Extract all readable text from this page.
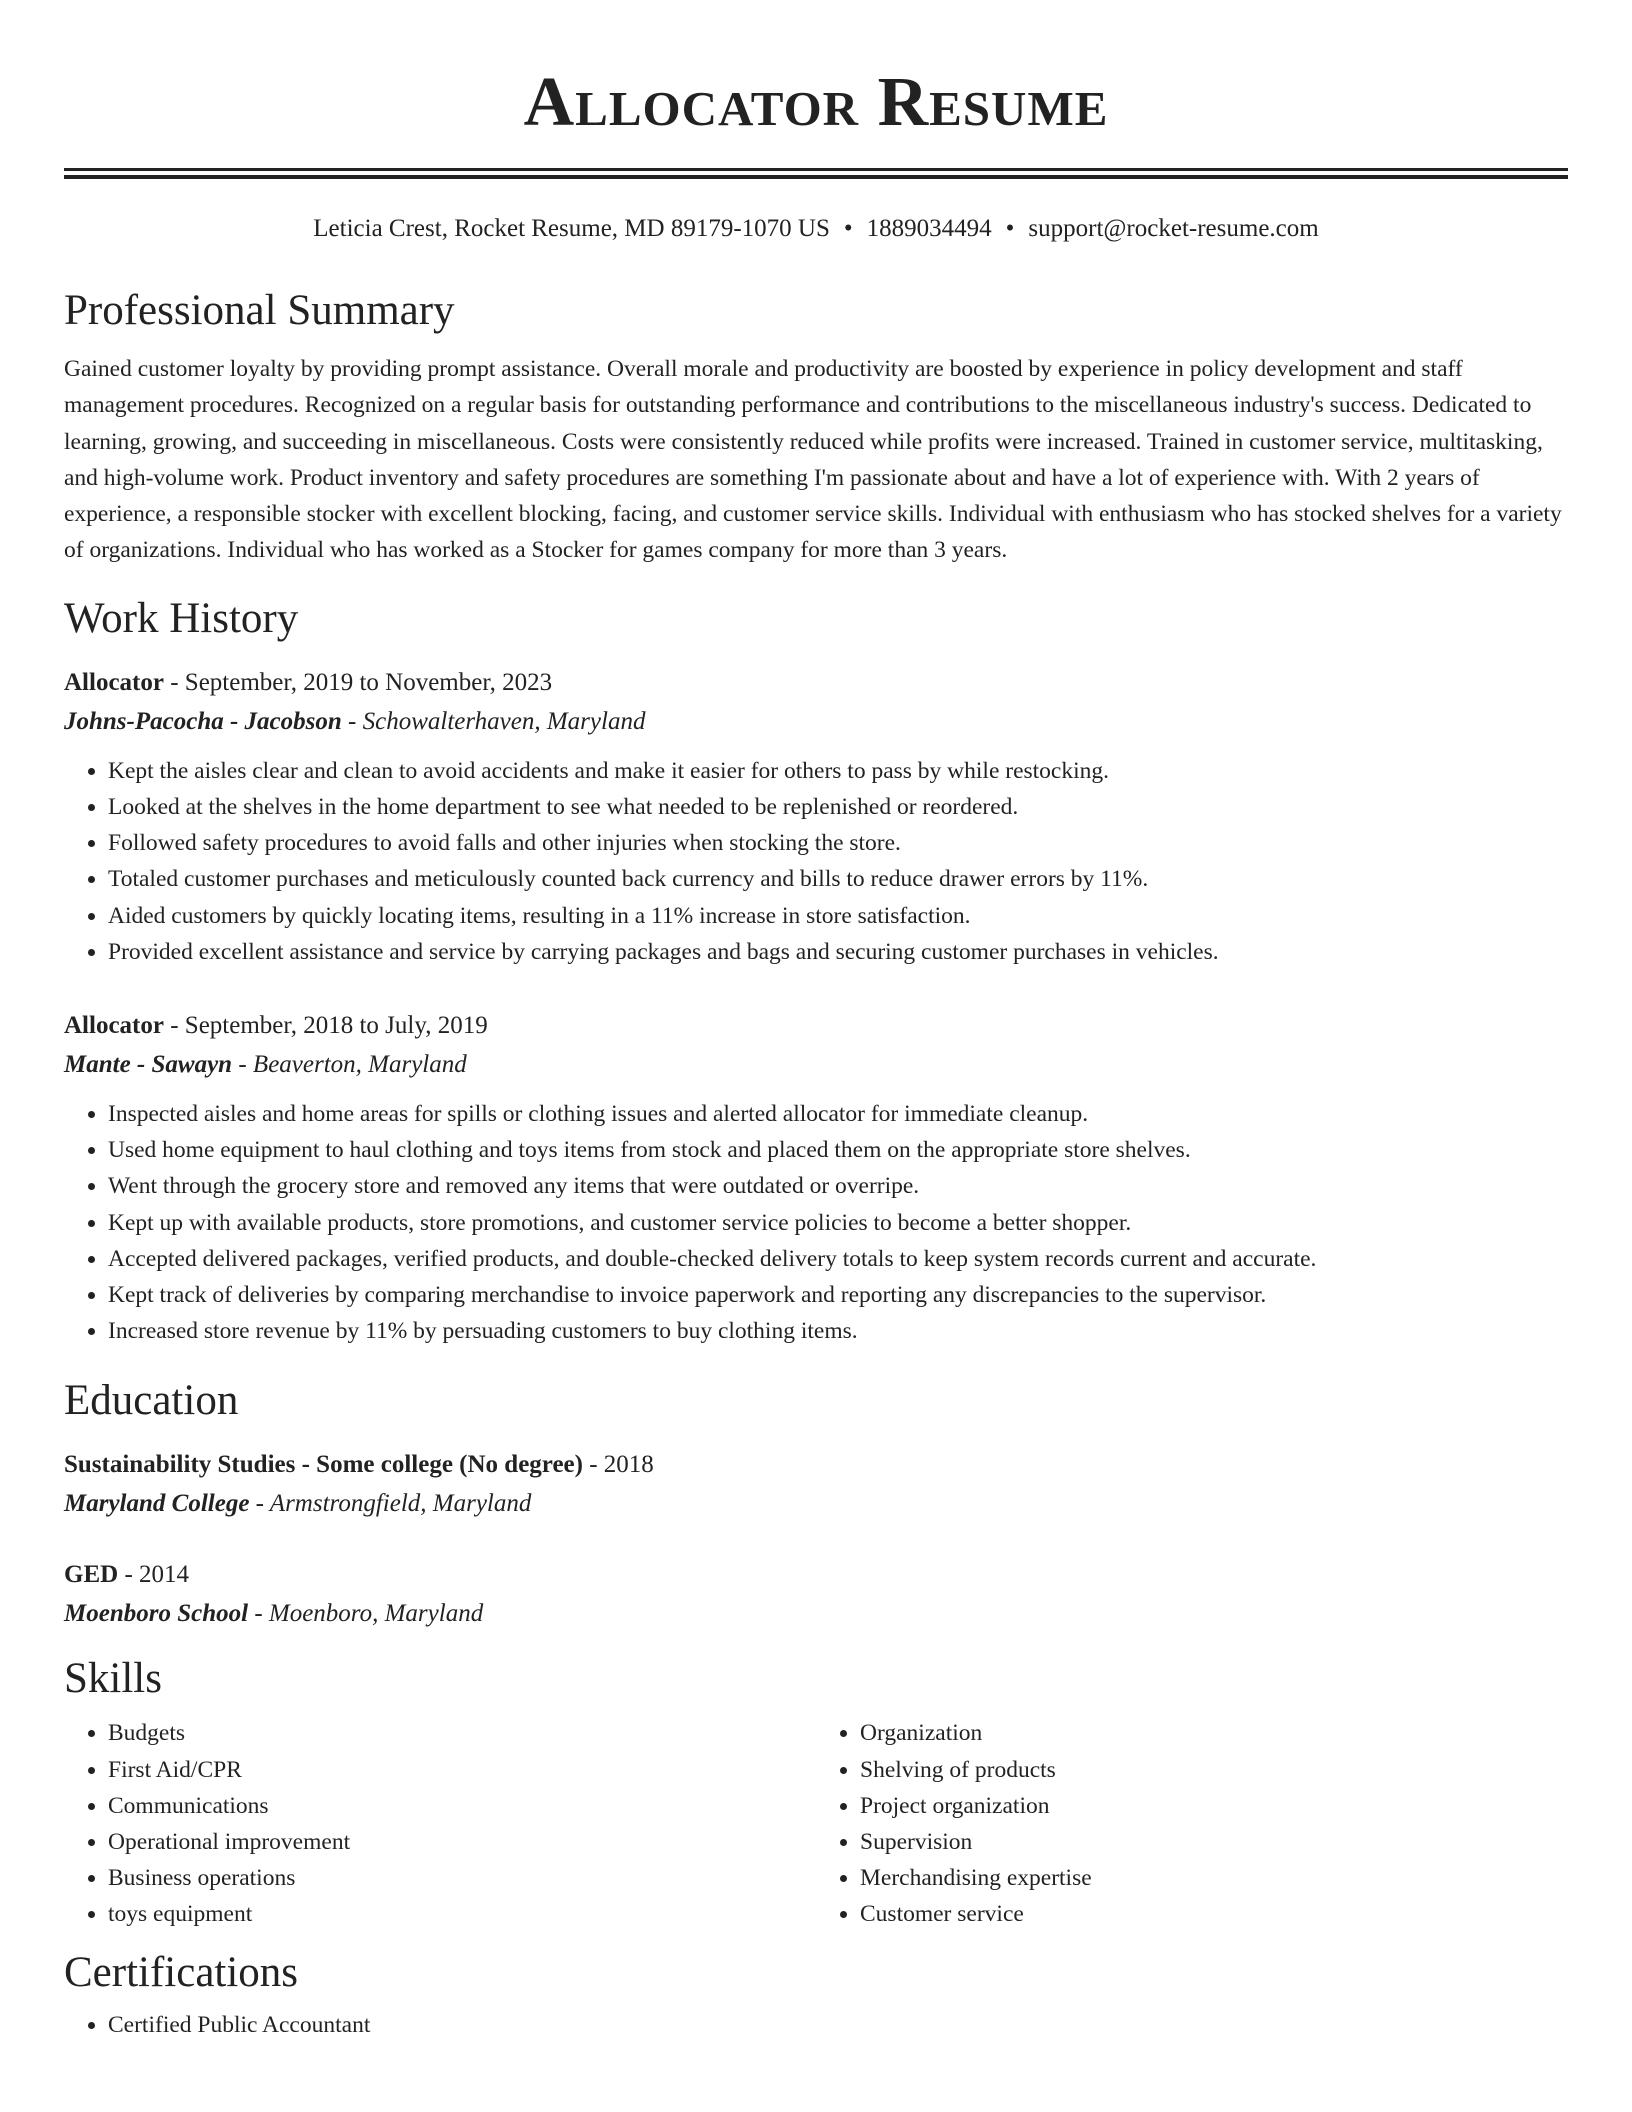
Allocator Resume
Leticia Crest, Rocket Resume, MD 89179-1070 US • 1889034494 • support@rocket-resume.com
Professional Summary
Gained customer loyalty by providing prompt assistance. Overall morale and productivity are boosted by experience in policy development and staff management procedures. Recognized on a regular basis for outstanding performance and contributions to the miscellaneous industry's success. Dedicated to learning, growing, and succeeding in miscellaneous. Costs were consistently reduced while profits were increased. Trained in customer service, multitasking, and high-volume work. Product inventory and safety procedures are something I'm passionate about and have a lot of experience with. With 2 years of experience, a responsible stocker with excellent blocking, facing, and customer service skills. Individual with enthusiasm who has stocked shelves for a variety of organizations. Individual who has worked as a Stocker for games company for more than 3 years.
Work History
Allocator - September, 2019 to November, 2023
Johns-Pacocha - Jacobson - Schowalterhaven, Maryland
• Kept the aisles clear and clean to avoid accidents and make it easier for others to pass by while restocking.
• Looked at the shelves in the home department to see what needed to be replenished or reordered.
• Followed safety procedures to avoid falls and other injuries when stocking the store.
• Totaled customer purchases and meticulously counted back currency and bills to reduce drawer errors by 11%.
• Aided customers by quickly locating items, resulting in a 11% increase in store satisfaction.
• Provided excellent assistance and service by carrying packages and bags and securing customer purchases in vehicles.
Allocator - September, 2018 to July, 2019
Mante - Sawayn - Beaverton, Maryland
• Inspected aisles and home areas for spills or clothing issues and alerted allocator for immediate cleanup.
• Used home equipment to haul clothing and toys items from stock and placed them on the appropriate store shelves.
• Went through the grocery store and removed any items that were outdated or overripe.
• Kept up with available products, store promotions, and customer service policies to become a better shopper.
• Accepted delivered packages, verified products, and double-checked delivery totals to keep system records current and accurate.
• Kept track of deliveries by comparing merchandise to invoice paperwork and reporting any discrepancies to the supervisor.
• Increased store revenue by 11% by persuading customers to buy clothing items.
Education
Sustainability Studies - Some college (No degree) - 2018
Maryland College - Armstrongfield, Maryland
GED - 2014
Moenboro School - Moenboro, Maryland
Skills
• Budgets
• First Aid/CPR
• Communications
• Operational improvement
• Business operations
• toys equipment
• Organization
• Shelving of products
• Project organization
• Supervision
• Merchandising expertise
• Customer service
Certifications
• Certified Public Accountant
